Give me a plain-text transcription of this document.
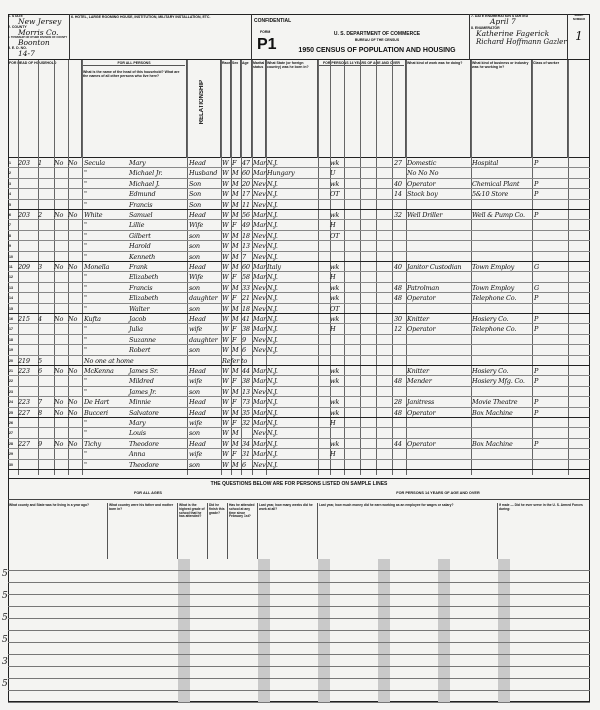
1. STATE
New Jersey
2. COUNTY
Morris Co.
4. TOWNSHIP OR OTHER DIVISION OF COUNTY
Boonton
5. E. D. NO.
14-7
6. HOTEL, LARGE ROOMING HOUSE, INSTITUTION, MILITARY INSTALLATION, ETC.
CONFIDENTIAL
FORM
P1
U. S. DEPARTMENT OF COMMERCE
BUREAU OF THE CENSUS
1950 CENSUS OF POPULATION AND HOUSING
7. DATE ENUMERATION STARTED
April 7
8. ENUMERATOR
Katherine Fagerick
Richard Hoffmann Gazler
SHEET NUMBER
1
FOR HEAD OF HOUSEHOLD	FOR ALL PERSONS
What is the name of the head of this household? What are the names of all other persons who live here?
RELATIONSHIP
Race Sex	Age	Marital status
What State (or foreign country) was he born in?
FOR PERSONS 14 YEARS OF AGE AND OVER	What kind of work was he doing?	What kind of business or industry was he working in?
Class of worker
1	203	1	No No	Secula	Mary	Head	W F 47 Mar N.J.	wk	27 Domestic	Hospital	P
2	"	Michael Jr.	Husband W M 60 Mar Hungary	U	No No No
3	"	Michael J.	Son	W M 20 Nev N.J.	wk	40 Operator	Chemical Plant	P
4	"	Edmund	Son	W M 17 Nev N.J.	OT	14 Stock boy	5&10 Store	P
5	"	Francis	Son	W M 11 Nev N.J.
6	203	2	No No	White	Samuel	Head	W M 56 Mar N.J.	wk	32 Well Driller	Well & Pump Co.	P
7	"	Lillie	Wife	W F 49 Mar N.J.	H
8	"	Gilbert	son	W M 18 Nev N.J.	OT
9	"	Harold	son	W M 13 Nev N.J.
10	"	Kenneth	son	W M 7	Nev N.J.
11 209	3	No No	Monella	Frank	Head	W M 60 Mar Italy	wk	40 Janitor Custodian	Town Employ	G
12	"	Elizabeth	Wife	W F 58 Mar N.J.	H
13	"	Francis	son	W M 33 Nev N.J.	wk	48 Patrolman	Town Employ	G
14	"	Elizabeth	daughter W F 21 Nev N.J.	wk	48 Operator	Telephone Co.	P
15	"	Walter	son	W M 18 Nev N.J.	OT
16 215	4	No No	Kufta	Jacob	Head	W M 41 Mar N.J.	wk	30 Knitter	Hosiery Co.	P
17	"	Julia	wife	W F 38 Mar N.J.	H	12 Operator	Telephone Co.	P
18	"	Suzanne	daughter W F 9	Nev N.J.
19	"	Robert	son	W M 6	Nev N.J.
20 219	5	No one at home	Refer to
21 223	6	No No	McKenna	James Sr.	Head	W M 44 Mar N.J.	wk	Knitter	Hosiery Co.	P
22	"	Mildred	wife	W F 38 Mar N.J.	wk	48 Mender	Hosiery Mfg. Co.	P
23	"	James Jr.	son	W M 13 Nev N.J.
24 223	7	No No	De Hart	Minnie	Head	W F 73 Mar N.J.	wk	28 Janitress	Movie Theatre	P
25 227	8	No No	Bucceri	Salvatore	Head	W M 35 Mar N.J.	wk	48 Operator	Box Machine	P
26	"	Mary	wife	W F 32 Mar N.J.	H
27	"	Louis	son	W M	Nev N.J.
28 227	9	No No	Tichy	Theodore	Head	W M 34 Mar N.J.	wk	44 Operator	Box Machine	P
29	"	Anna	wife	W F 31 Mar N.J.	H
30	"	Theodore	son	W M 6	Nev N.J.
THE QUESTIONS BELOW ARE FOR PERSONS LISTED ON SAMPLE LINES
FOR ALL AGES	FOR PERSONS 14 YEARS OF AGE AND OVER
What county and State was he living in a year ago?	What country were his father and mother born in?
What is the highest grade of school that he has attended?
Did he finish this grade?
Has he attended school at any time since February 1st?
Last year, how many weeks did he work at all?
Last year, how much money did he earn working as an employee for wages or salary?	If male — Did he ever serve in the U. S. Armed Forces during:
5
5
5
5
3
5
